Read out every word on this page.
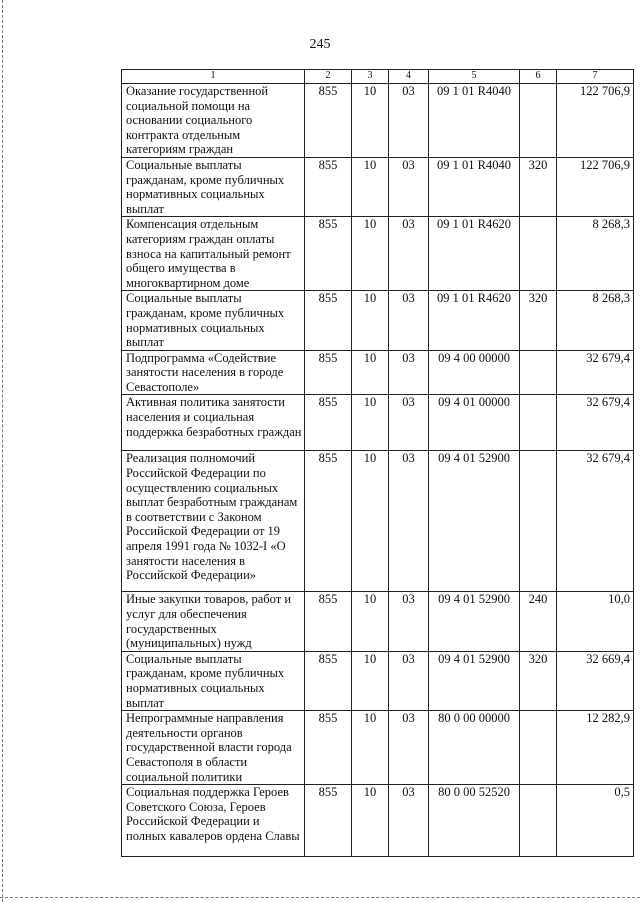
245
1	2	3	4	5	6	7
Оказание государственной социальной помощи на основании социального контракта отдельным категориям граждан	855	10	03	09 1 01 R4040		122 706,9
Социальные выплаты гражданам, кроме публичных нормативных социальных выплат	855	10	03	09 1 01 R4040	320	122 706,9
Компенсация отдельным категориям граждан оплаты взноса на капитальный ремонт общего имущества в многоквартирном доме	855	10	03	09 1 01 R4620		8 268,3
Социальные выплаты гражданам, кроме публичных нормативных социальных выплат	855	10	03	09 1 01 R4620	320	8 268,3
Подпрограмма «Содействие занятости населения в городе Севастополе»	855	10	03	09 4 00 00000		32 679,4
Активная политика занятости населения и социальная поддержка безработных граждан	855	10	03	09 4 01 00000		32 679,4
Реализация полномочий Российской Федерации по осуществлению социальных выплат безработным гражданам в соответствии с Законом Российской Федерации от 19 апреля 1991 года № 1032-I «О занятости населения в Российской Федерации»	855	10	03	09 4 01 52900		32 679,4
Иные закупки товаров, работ и услуг для обеспечения государственных (муниципальных) нужд	855	10	03	09 4 01 52900	240	10,0
Социальные выплаты гражданам, кроме публичных нормативных социальных выплат	855	10	03	09 4 01 52900	320	32 669,4
Непрограммные направления деятельности органов государственной власти города Севастополя в области социальной политики	855	10	03	80 0 00 00000		12 282,9
Социальная поддержка Героев Советского Союза, Героев Российской Федерации и полных кавалеров ордена Славы	855	10	03	80 0 00 52520		0,5
